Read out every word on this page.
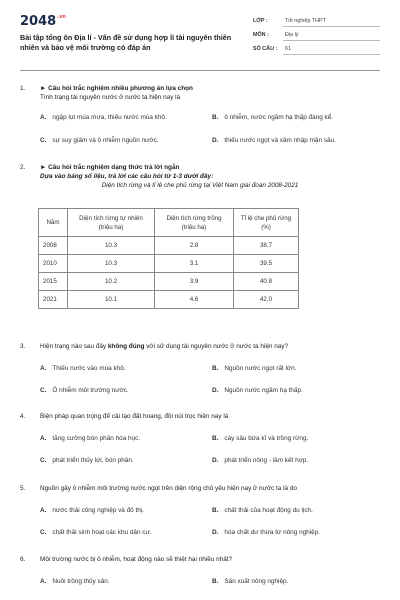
$2048^{.vn}$
Bài tập tổng ôn Địa lí - Vấn đề sử dụng hợp lí tài nguyên thiên nhiên và bảo vệ môi trường có đáp án
LỚP :	Tốt nghiệp THPT
MÔN :	Địa lý
SỐ CÂU :	61
1. ► Câu hỏi trắc nghiệm nhiều phương án lựa chọn
Tình trạng tài nguyên nước ở nước ta hiện nay là
A. ngập lụt mùa mưa, thiếu nước mùa khô.	B. ô nhiễm, nước ngầm hạ thấp đáng kể.
C. sự suy giảm và ô nhiễm nguồn nước.	D. thiếu nước ngọt và xâm nhập mặn sâu.
2. ► Câu hỏi trắc nghiệm dạng thức trả lời ngắn
Dựa vào bảng số liệu, trả lời các câu hỏi từ 1-3 dưới đây:
Diện tích rừng và tỉ lệ che phủ rừng tại Việt Nam giai đoạn 2008-2021
Năm	Diện tích rừng tự nhiên (triệu ha)	Diện tích rừng trồng (triệu ha)	Tỉ lệ che phủ rừng (%)
2008	10.3	2.8	38.7
2010	10.3	3.1	39.5
2015	10.2	3.9	40.8
2021	10.1	4.6	42.0
3. Hiện trạng nào sau đây không đúng với sử dụng tài nguyên nước ở nước ta hiện nay?
A. Thiếu nước vào mùa khô.	B. Nguồn nước ngọt rất lớn.
C. Ô nhiễm môi trường nước.	D. Nguồn nước ngầm hạ thấp.
4. Biện pháp quan trọng để cải tạo đất hoang, đồi núi trọc hiện nay là
A. tăng cường bón phân hóa học.	B. cày sâu bừa kĩ và trồng rừng.
C. phát triển thủy lợi, bón phân.	D. phát triển nông - lâm kết hợp.
5. Nguồn gây ô nhiễm môi trường nước ngọt trên diện rộng chủ yếu hiện nay ở nước ta là do
A. nước thải công nghiệp và đô thị.	B. chất thải của hoạt động du lịch.
C. chất thải sinh hoạt các khu dân cư.	D. hóa chất dư thừa từ nông nghiệp.
6. Môi trường nước bị ô nhiễm, hoạt động nào sẽ thiệt hại nhiều nhất?
A. Nuôi trồng thủy sản.	B. Sản xuất nông nghiệp.
